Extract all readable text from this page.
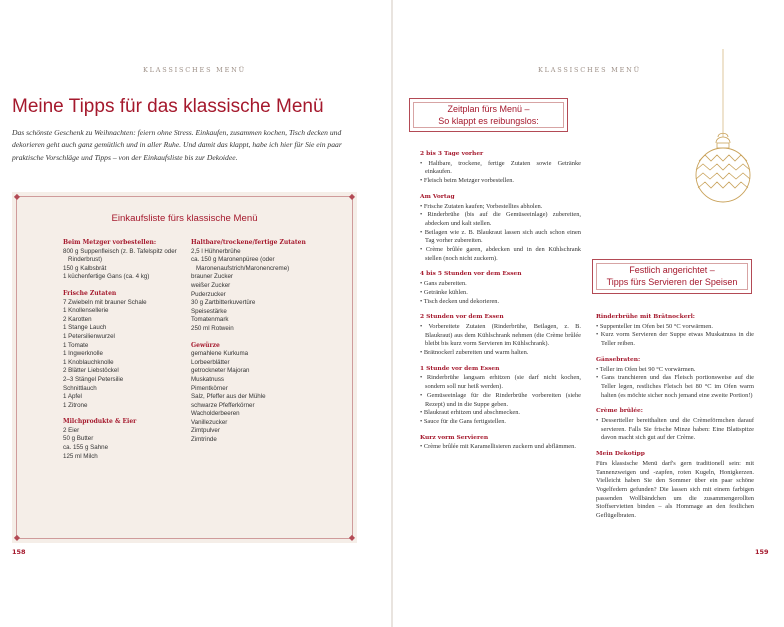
KLASSISCHES MENÜ
Meine Tipps für das klassische Menü

Das schönste Geschenk zu Weihnachten: feiern ohne Stress. Einkaufen, zusammen kochen, Tisch decken und dekorieren geht auch ganz gemütlich und in aller Ruhe. Und damit das klappt, habe ich hier für Sie ein paar praktische Vorschläge und Tipps – von der Einkaufsliste bis zur Dekoidee.

◆	◆
◆	◆
Einkaufsliste fürs klassische Menü
Beim Metzger vorbestellen:
800 g Suppenfleisch (z. B. Tafelspitz oder Rinderbrust)
150 g Kalbsbrät
1 küchenfertige Gans (ca. 4 kg)
Frische Zutaten
7 Zwiebeln mit brauner Schale
1 Knollensellerie
2 Karotten
1 Stange Lauch
1 Petersilienwurzel
1 Tomate
1 Ingwerknolle
1 Knoblauchknolle
2 Blätter Liebstöckel
2–3 Stängel Petersilie
Schnittlauch
1 Apfel
1 Zitrone
Milchprodukte & Eier
2 Eier
50 g Butter
ca. 155 g Sahne
125 ml Milch
Haltbare/trockene/fertige Zutaten
2,5 l Hühnerbrühe
ca. 150 g Maronenpüree (oder Maronenaufstrich/Maronencreme)
brauner Zucker
weißer Zucker
Puderzucker
30 g Zartbitterkuvertüre
Speisestärke
Tomatenmark
250 ml Rotwein
Gewürze
gemahlene Kurkuma
Lorbeerblätter
getrockneter Majoran
Muskatnuss
Pimentkörner
Salz, Pfeffer aus der Mühle
schwarze Pfefferkörner
Wacholderbeeren
Vanillezucker
Zimtpulver
Zimtrinde
158
KLASSISCHES MENÜ
Zeitplan fürs Menü –
So klappt es reibungslos:
2 bis 3 Tage vorher
• Haltbare, trockene, fertige Zutaten sowie Getränke einkaufen.
• Fleisch beim Metzger vorbestellen.
Am Vortag
• Frische Zutaten kaufen; Vorbestelltes abholen.
• Rinderbrühe (bis auf die Gemüseeinlage) zubereiten, abdecken und kalt stellen.
• Beilagen wie z. B. Blaukraut lassen sich auch schon einen Tag vorher zubereiten.
• Crème brûlée garen, abdecken und in den Kühlschrank stellen (noch nicht zuckern).
4 bis 5 Stunden vor dem Essen
• Gans zubereiten.
• Getränke kühlen.
• Tisch decken und dekorieren.
2 Stunden vor dem Essen
• Vorbereitete Zutaten (Rinderbrühe, Beilagen, z. B. Blaukraut) aus dem Kühlschrank nehmen (die Crème brûlée bleibt bis kurz vorm Servieren im Kühlschrank).
• Brätnockerl zubereiten und warm halten.
1 Stunde vor dem Essen
• Rinderbrühe langsam erhitzen (sie darf nicht kochen, sondern soll nur heiß werden).
• Gemüseeinlage für die Rinderbrühe vorbereiten (siehe Rezept) und in die Suppe geben.
• Blaukraut erhitzen und abschmecken.
• Sauce für die Gans fertigstellen.
Kurz vorm Servieren
• Crème brûlée mit Karamellisieren zuckern und abflämmen.
Festlich angerichtet –
Tipps fürs Servieren der Speisen
Rinderbrühe mit Brätnockerl:
• Suppenteller im Ofen bei 50 °C vorwärmen.
• Kurz vorm Servieren der Suppe etwas Muskatnuss in die Teller reiben.
Gänsebraten:
• Teller im Ofen bei 90 °C vorwärmen.
• Gans tranchieren und das Fleisch portionsweise auf die Teller legen, restliches Fleisch bei 80 °C im Ofen warm halten (es möchte sicher noch jemand eine zweite Portion!)
Crème brûlée:
• Dessertteller bereithalten und die Crèmeförmchen darauf servieren. Falls Sie frische Minze haben: Eine Blattspitze davon macht sich gut auf der Crème.
Mein Dekotipp
Fürs klassische Menü darf's gern traditionell sein: mit Tannenzweigen und -zapfen, roten Kugeln, Honigkerzen. Vielleicht haben Sie den Sommer über ein paar schöne Vogelfedern gefunden? Die lassen sich mit einem farbigen passenden Wollbändchen um die zusammengerollten Stoffservietten binden – als Hommage an den festlichen Geflügelbraten.
159
